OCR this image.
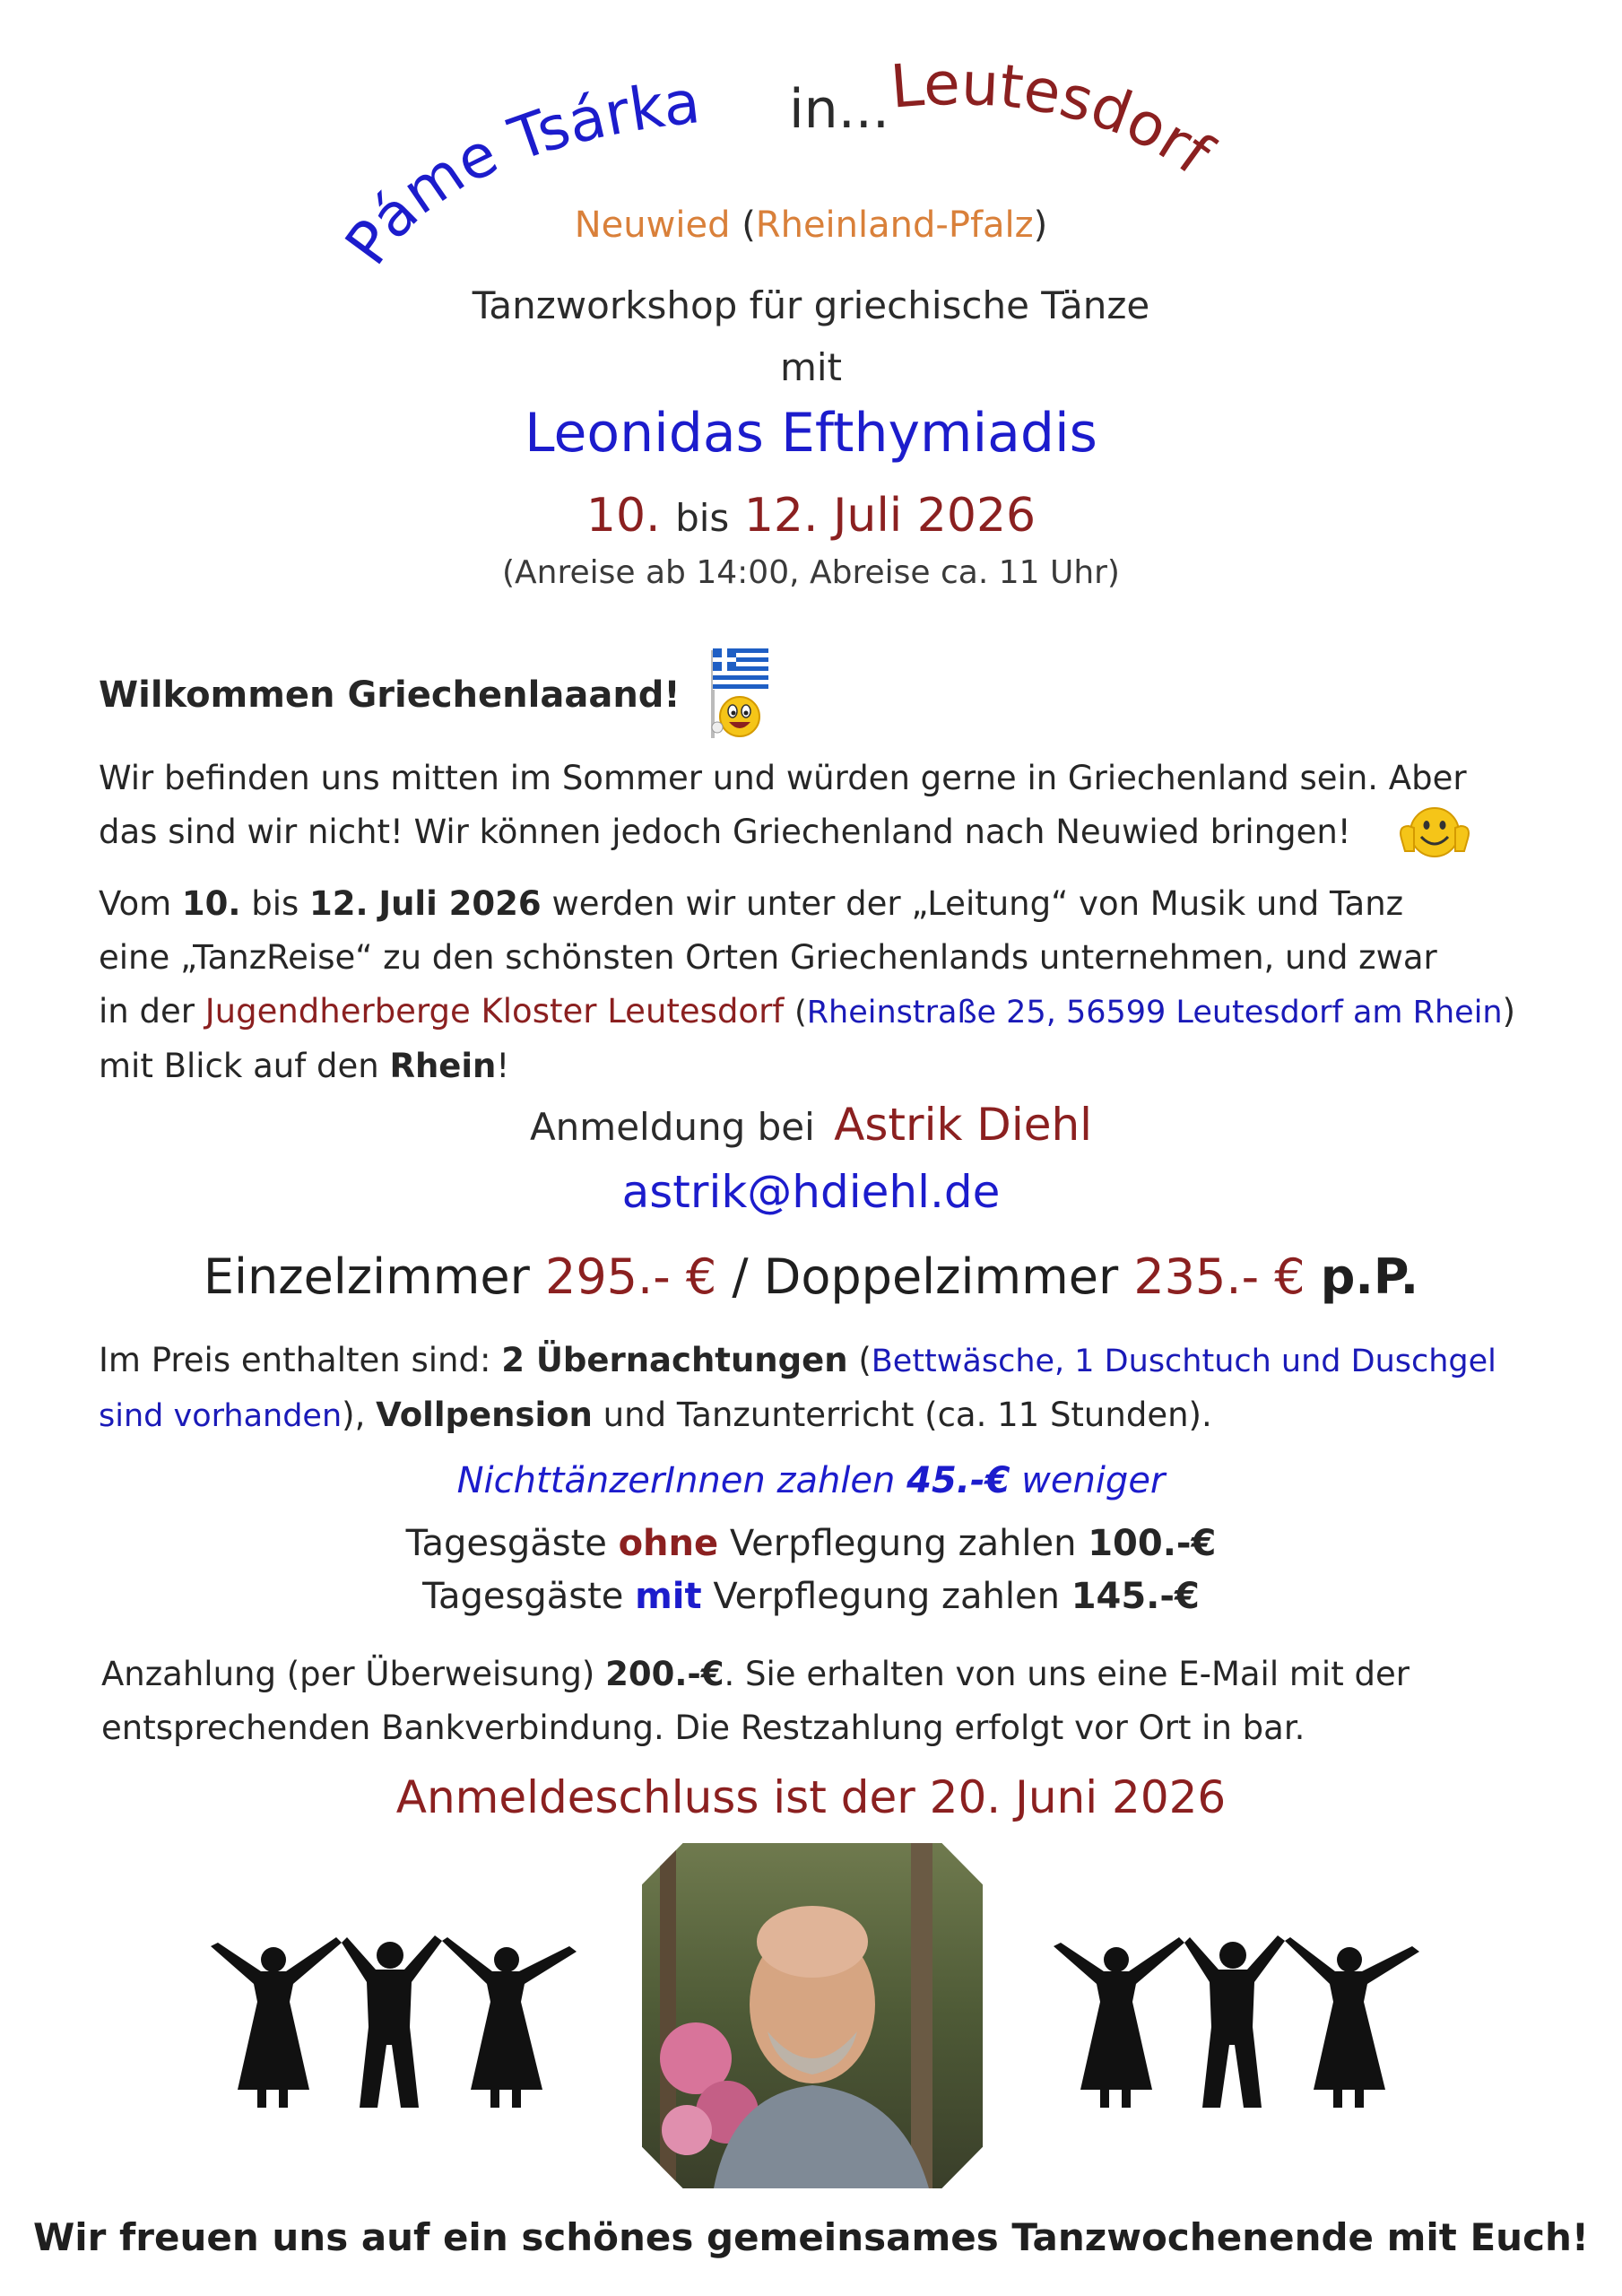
Páme Tsárka in...
Leutesdorf
Neuwied (Rheinland-Pfalz)
Tanzworkshop für griechische Tänze
mit
Leonidas Efthymiadis
10. bis 12. Juli 2026
(Anreise ab 14:00, Abreise ca. 11 Uhr)
Wilkommen Griechenlaaand!
Wir befinden uns mitten im Sommer und würden gerne in Griechenland sein. Aber
das sind wir nicht! Wir können jedoch Griechenland nach Neuwied bringen!
Vom 10. bis 12. Juli 2026 werden wir unter der „Leitung“ von Musik und Tanz
eine „TanzReise“ zu den schönsten Orten Griechenlands unternehmen, und zwar
in der Jugendherberge Kloster Leutesdorf (Rheinstraße 25, 56599 Leutesdorf am Rhein)
mit Blick auf den Rhein!
Anmeldung bei Astrik Diehl
astrik@hdiehl.de
Einzelzimmer 295.- € / Doppelzimmer 235.- € p.P.
Im Preis enthalten sind: 2 Übernachtungen (Bettwäsche, 1 Duschtuch und Duschgel
sind vorhanden), Vollpension und Tanzunterricht (ca. 11 Stunden).
NichttänzerInnen zahlen 45.-€ weniger
Tagesgäste ohne Verpflegung zahlen 100.-€
Tagesgäste mit Verpflegung zahlen 145.-€
Anzahlung (per Überweisung) 200.-€. Sie erhalten von uns eine E-Mail mit der
entsprechenden Bankverbindung. Die Restzahlung erfolgt vor Ort in bar.
Anmeldeschluss ist der 20. Juni 2026
Wir freuen uns auf ein schönes gemeinsames Tanzwochenende mit Euch!
